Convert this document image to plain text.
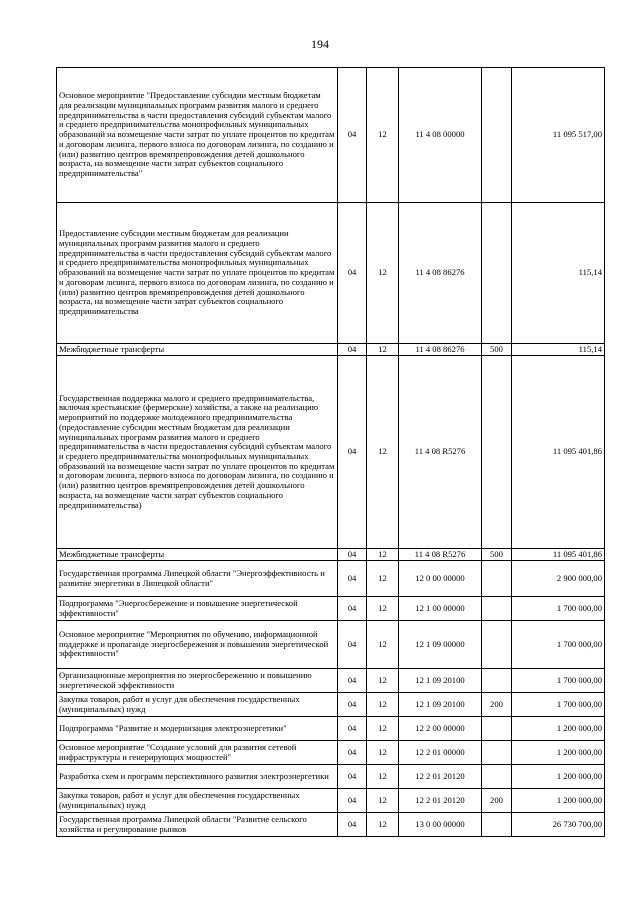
194
Основное мероприятие "Предоставление субсидии местным бюджетам для реализации муниципальных программ развития малого и среднего предпринимательства в части предоставления субсидий субъектам малого и среднего предпринимательства монопрофильных муниципальных образований на возмещение части затрат по уплате процентов по кредитам и договорам лизинга, первого взноса по договорам лизинга, по созданию и (или) развитию центров времяпрепровождения детей дошкольного возраста, на возмещение части затрат субъектов социального предпринимательства"	04	12	11 4 08 00000		11 095 517,00
Предоставление субсидии местным бюджетам для реализации муниципальных программ развития малого и среднего предпринимательства в части предоставления субсидий субъектам малого и среднего предпринимательства монопрофильных муниципальных образований на возмещение части затрат по уплате процентов по кредитам и договорам лизинга, первого взноса по договорам лизинга, по созданию и (или) развитию центров времяпрепровождения детей дошкольного возраста, на возмещение части затрат субъектов социального предпринимательства	04	12	11 4 08 86276		115,14
Межбюджетные трансферты	04	12	11 4 08 86276	500	115,14
Государственная поддержка малого и среднего предпринимательства, включая крестьянские (фермерские) хозяйства, а также на реализацию мероприятий по поддержке молодежного предпринимательства (предоставление субсидии местным бюджетам для реализации муниципальных программ развития малого и среднего предпринимательства в части предоставления субсидий субъектам малого и среднего предпринимательства монопрофильных муниципальных образований на возмещение части затрат по уплате процентов по кредитам и договорам лизинга, первого взноса по договорам лизинга, по созданию и (или) развитию центров времяпрепровождения детей дошкольного возраста, на возмещение части затрат субъектов социального предпринимательства)	04	12	11 4 08 R5276		11 095 401,86
Межбюджетные трансферты	04	12	11 4 08 R5276	500	11 095 401,86
Государственная программа Липецкой области "Энергоэффективность и развитие энергетики в Липецкой области"	04	12	12 0 00 00000		2 900 000,00
Подпрограмма "Энергосбережение и повышение энергетической эффективности"	04	12	12 1 00 00000		1 700 000,00
Основное мероприятие "Мероприятия по обучению, информационной поддержке и пропаганде энергосбережения и повышения энергетической эффективности"	04	12	12 1 09 00000		1 700 000,00
Организационные мероприятия по энергосбережению и повышению энергетической эффективности	04	12	12 1 09 20100		1 700 000,00
Закупка товаров, работ и услуг для обеспечения государственных (муниципальных) нужд	04	12	12 1 09 20100	200	1 700 000,00
Подпрограмма "Развитие и модернизация электроэнергетики"	04	12	12 2 00 00000		1 200 000,00
Основное мероприятие "Создание условий для развития сетевой инфраструктуры и генерирующих мощностей"	04	12	12 2 01 00000		1 200 000,00
Разработка схем и программ перспективного развития электроэнергетики	04	12	12 2 01 20120		1 200 000,00
Закупка товаров, работ и услуг для обеспечения государственных (муниципальных) нужд	04	12	12 2 01 20120	200	1 200 000,00
Государственная программа Липецкой области "Развитие сельского хозяйства и регулирование рынков	04	12	13 0 00 00000		26 730 700,00
